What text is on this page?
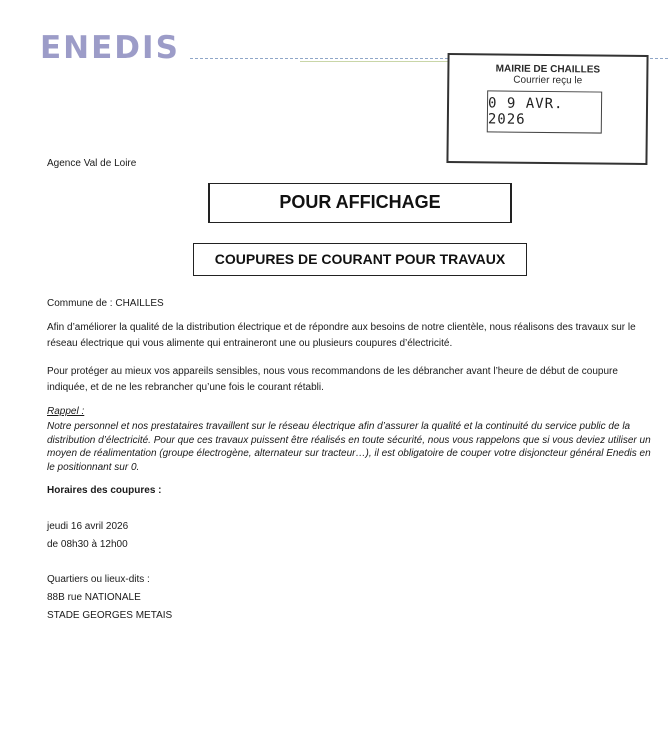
ENEDIS
MAIRIE DE CHAILLES
Courrier reçu le
0 9 AVR. 2026
Agence Val de Loire
POUR AFFICHAGE
COUPURES DE COURANT POUR TRAVAUX
Commune de : CHAILLES
Afin d’améliorer la qualité de la distribution électrique et de répondre aux besoins de notre clientèle, nous réalisons des travaux sur le réseau électrique qui vous alimente qui entraineront une ou plusieurs coupures d’électricité.
Pour protéger au mieux vos appareils sensibles, nous vous recommandons de les débrancher avant l’heure de début de coupure indiquée, et de ne les rebrancher qu’une fois le courant rétabli.
Rappel :
Notre personnel et nos prestataires travaillent sur le réseau électrique afin d’assurer la qualité et la continuité du service public de la distribution d’électricité. Pour que ces travaux puissent être réalisés en toute sécurité, nous vous rappelons que si vous deviez utiliser un moyen de réalimentation (groupe électrogène, alternateur sur tracteur…), il est obligatoire de couper votre disjoncteur général Enedis en le positionnant sur 0.
Horaires des coupures :
jeudi 16 avril 2026
de 08h30 à 12h00
Quartiers ou lieux-dits :
88B rue NATIONALE
STADE GEORGES METAIS
